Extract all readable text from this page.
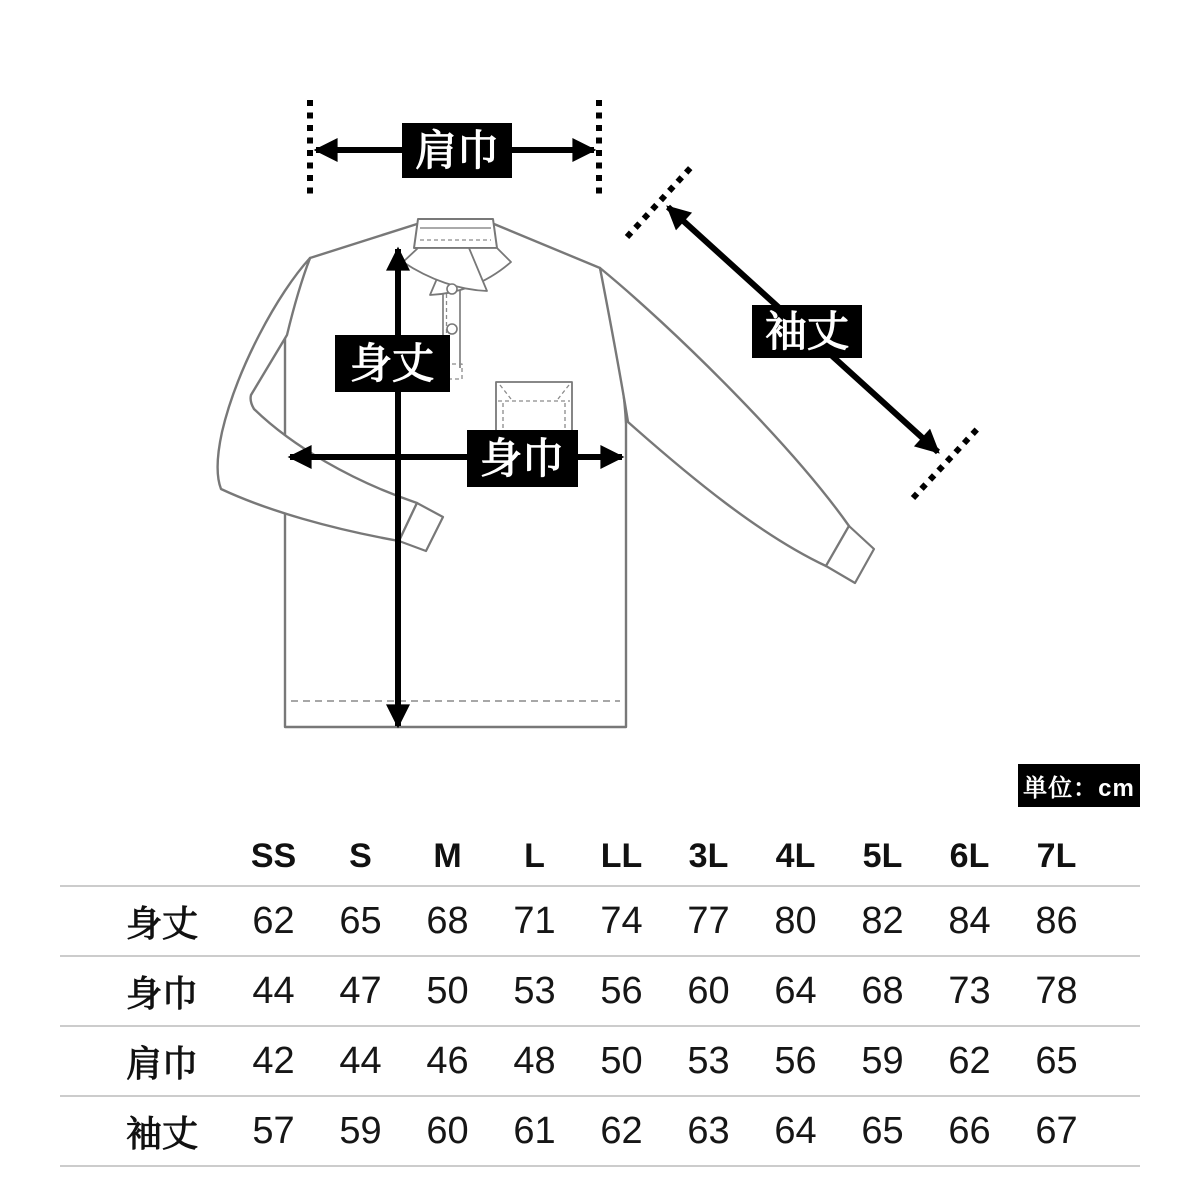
肩巾
身丈
身巾
袖丈
単位：cm
	SS	S	M	L	LL	3L	4L	5L	6L	7L	
身丈	62	65	68	71	74	77	80	82	84	86	
身巾	44	47	50	53	56	60	64	68	73	78	
肩巾	42	44	46	48	50	53	56	59	62	65	
袖丈	57	59	60	61	62	63	64	65	66	67	
